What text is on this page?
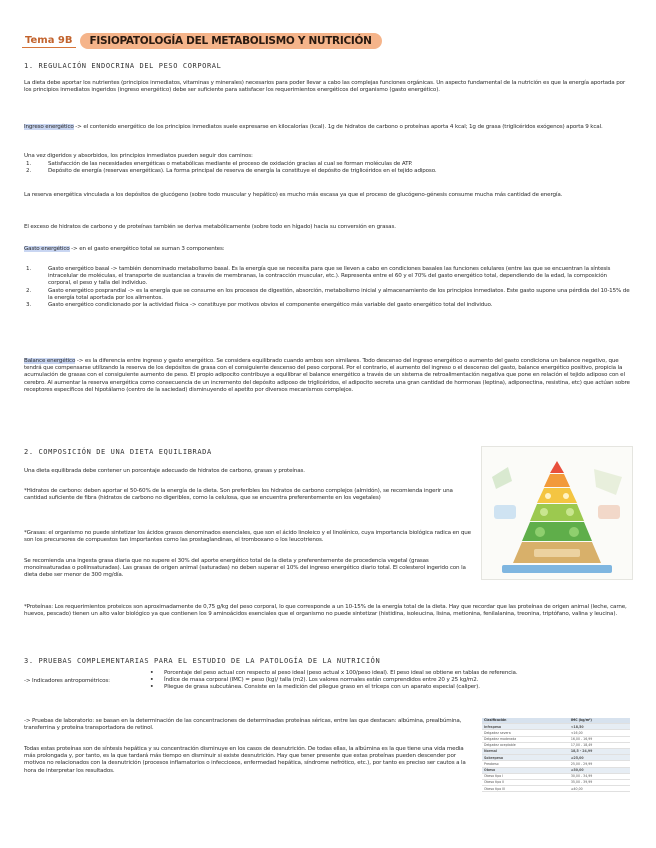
Tema 9B	FISIOPATOLOGÍA DEL METABOLISMO Y NUTRICIÓN
1. REGULACIÓN ENDOCRINA DEL PESO CORPORAL

La dieta debe aportar los nutrientes (principios inmediatos, vitaminas y minerales) necesarios para poder llevar a cabo las complejas funciones orgánicas. Un aspecto fundamental de la nutrición es que la energía aportada por los principios inmediatos ingeridos (ingreso energético) debe ser suficiente para satisfacer los requerimientos energéticos del organismo (gasto energético).

Ingreso energético -> el contenido energético de los principios inmediatos suele expresarse en kilocalorías (kcal). 1g de hidratos de carbono o proteínas aporta 4 kcal; 1g de grasa (triglicéridos exógenos) aporta 9 kcal.

Una vez digeridos y absorbidos, los principios inmediatos pueden seguir dos caminos:

1.	Satisfacción de las necesidades energéticas o metabólicas mediante el proceso de oxidación gracias al cual se forman moléculas de ATP.
2.	Depósito de energía (reservas energéticas). La forma principal de reserva de energía la constituye el depósito de triglicéridos en el tejido adiposo.

La reserva energética vinculada a los depósitos de glucógeno (sobre todo muscular y hepático) es mucho más escasa ya que el proceso de glucógeno-génesis consume mucha más cantidad de energía.

El exceso de hidratos de carbono y de proteínas también se deriva metabólicamente (sobre todo en hígado) hacia su conversión en grasas.

Gasto energético -> en el gasto energético total se suman 3 componentes:

1.	Gasto energético basal -> también denominado metabolismo basal. Es la energía que se necesita para que se lleven a cabo en condiciones basales las funciones celulares (entre las que se encuentran la síntesis intracelular de moléculas, el transporte de sustancias a través de membranas, la contracción muscular, etc.). Representa entre el 60 y el 70% del gasto energético total, dependiendo de la edad, la composición corporal, el peso y talla del individuo.
2.	Gasto energético posprandial -> es la energía que se consume en los procesos de digestión, absorción, metabolismo inicial y almacenamiento de los principios inmediatos. Este gasto supone una pérdida del 10-15% de la energía total aportada por los alimentos.
3.	Gasto energético condicionado por la actividad física -> constituye por motivos obvios el componente energético más variable del gasto energético total del individuo.

Balance energético -> es la diferencia entre ingreso y gasto energético. Se considera equilibrado cuando ambos son similares. Todo descenso del ingreso energético o aumento del gasto condiciona un balance negativo, que tendrá que compensarse utilizando la reserva de los depósitos de grasa con el consiguiente descenso del peso corporal. Por el contrario, el aumento del ingreso o el descenso del gasto, balance energético positivo, propicia la acumulación de grasas con el consiguiente aumento de peso. El propio adipocito contribuye a equilibrar el balance energético a través de un sistema de retroalimentación negativa que pone en relación el tejido adiposo con el cerebro. Al aumentar la reserva energética como consecuencia de un incremento del depósito adiposo de triglicéridos, el adipocito secreta una gran cantidad de hormonas (leptina), adiponectina, resistina, etc) que actúan sobre receptores específicos del hipotálamo (centro de la saciedad) disminuyendo el apetito por diversos mecanismos complejos.

2. COMPOSICIÓN DE UNA DIETA EQUILIBRADA

Una dieta equilibrada debe contener un porcentaje adecuado de hidratos de carbono, grasas y proteínas.

*Hidratos de carbono: deben aportar el 50-60% de la energía de la dieta. Son preferibles los hidratos de carbono complejos (almidón), se recomienda ingerir una cantidad suficiente de fibra (hidratos de carbono no digeribles, como la celulosa, que se encuentra preferentemente en los vegetales)

*Grasas: el organismo no puede sintetizar los ácidos grasos denominados esenciales, que son el ácido linoleico y el linolénico, cuya importancia biológica radica en que son los precursores de compuestos tan importantes como las prostaglandinas, el tromboxano o los leucotrienos.

Se recomienda una ingesta grasa diaria que no supere el 30% del aporte energético total de la dieta y preferentemente de procedencia vegetal (grasas monoinsaturadas o poliinsaturadas). Las grasas de origen animal (saturadas) no deben superar el 10% del ingreso energético diario total. El colesterol ingerido con la dieta debe ser menor de 300 mg/día.

*Proteínas: Los requerimientos proteicos son aproximadamente de 0,75 g/kg del peso corporal, lo que corresponde a un 10-15% de la energía total de la dieta. Hay que recordar que las proteínas de origen animal (leche, carne, huevos, pescado) tienen un alto valor biológico ya que contienen los 9 aminoácidos esenciales que el organismo no puede sintetizar (histidina, isoleucina, lisina, metionina, fenilalanina, treonina, triptófano, valina y leucina).

3. PRUEBAS COMPLEMENTARIAS PARA EL ESTUDIO DE LA PATOLOGÍA DE LA NUTRICIÓN

-> Indicadores antropométricos:

•	Porcentaje del peso actual con respecto al peso ideal (peso actual x 100/peso ideal). El peso ideal se obtiene en tablas de referencia.
•	Índice de masa corporal (IMC) = peso (kg)/ talla (m2). Los valores normales están comprendidos entre 20 y 25 kg/m2.
•	Pliegue de grasa subcutánea. Consiste en la medición del pliegue graso en el tríceps con un aparato especial (caliper).

-> Pruebas de laboratorio: se basan en la determinación de las concentraciones de determinadas proteínas séricas, entre las que destacan: albúmina, prealbúmina, transferrina y proteína transportadora de retinol.

Todas estas proteínas son de síntesis hepática y su concentración disminuye en los casos de desnutrición. De todas ellas, la albúmina es la que tiene una vida media más prolongada y, por tanto, es la que tardará más tiempo en disminuir si existe desnutrición. Hay que tener presente que estas proteínas pueden descender por motivos no relacionados con la desnutrición (procesos inflamatorios o infecciosos, enfermedad hepática, síndrome nefrótico, etc.), por tanto es preciso ser cautos a la hora de interpretar los resultados.

Clasificación	IMC (kg/m²)
Infrapeso	<18,50
Delgadez severa	<16,00
Delgadez moderada	16,00 - 16,99
Delgadez aceptable	17,00 - 18,49
Normal	18,5 - 24,99
Sobrepeso	≥25,00
Preobeso	25,00 - 29,99
Obeso	≥30,00
Obeso tipo I	30,00 - 34,99
Obeso tipo II	35,00 - 39,99
Obeso tipo III	≥40,00
